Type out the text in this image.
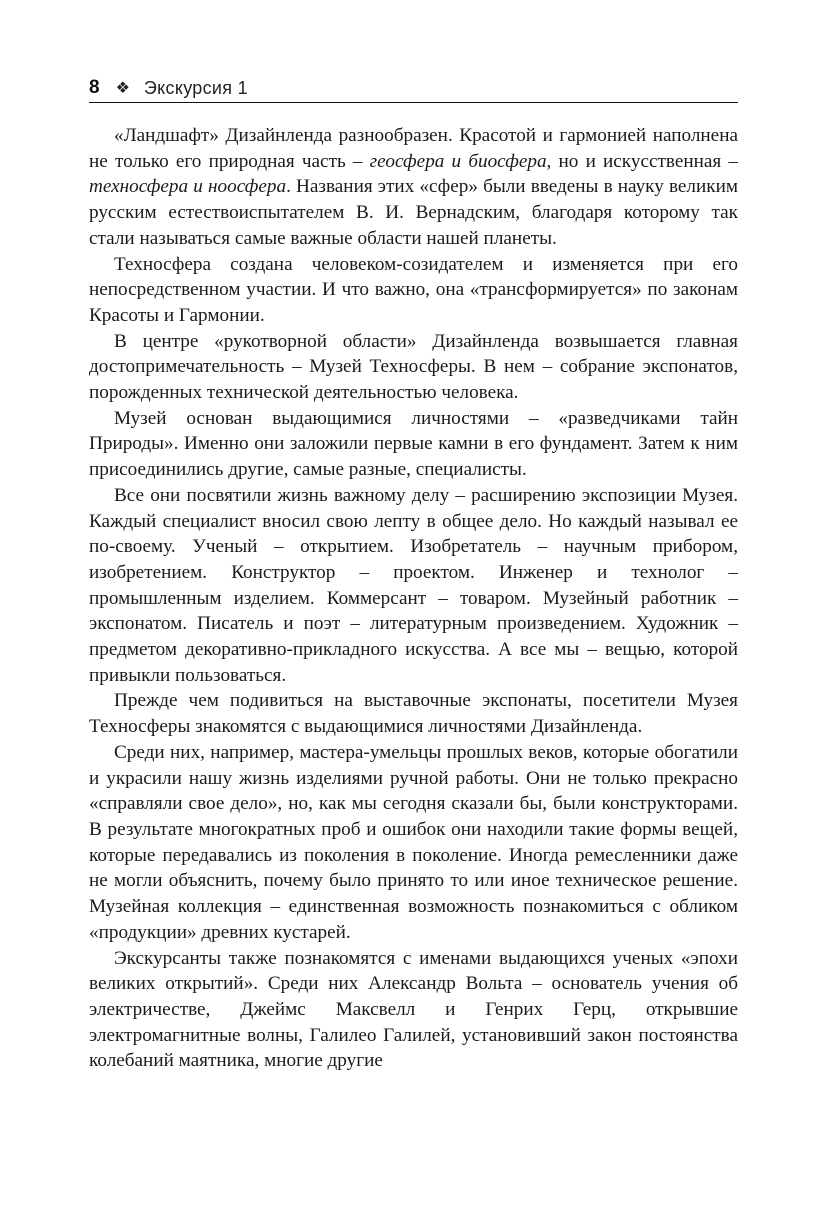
8 ❖ Экскурсия 1

«Ландшафт» Дизайнленда разнообразен. Красотой и гармонией наполнена не только его природная часть – геосфера и биосфера, но и искусственная – техносфера и ноосфера. Названия этих «сфер» были введены в науку великим русским естествоиспытателем В. И. Вернадским, благодаря которому так стали называться самые важные области нашей планеты.

Техносфера создана человеком-созидателем и изменяется при его непосредственном участии. И что важно, она «трансформируется» по законам Красоты и Гармонии.

В центре «рукотворной области» Дизайнленда возвышается главная достопримечательность – Музей Техносферы. В нем – собрание экспонатов, порожденных технической деятельностью человека.

Музей основан выдающимися личностями – «разведчиками тайн Природы». Именно они заложили первые камни в его фундамент. Затем к ним присоединились другие, самые разные, специалисты.

Все они посвятили жизнь важному делу – расширению экспозиции Музея. Каждый специалист вносил свою лепту в общее дело. Но каждый называл ее по-своему. Ученый – открытием. Изобретатель – научным прибором, изобретением. Конструктор – проектом. Инженер и технолог – промышленным изделием. Коммерсант – товаром. Музейный работник – экспонатом. Писатель и поэт – литературным произведением. Художник – предметом декоративно-прикладного искусства. А все мы – вещью, которой привыкли пользоваться.

Прежде чем подивиться на выставочные экспонаты, посетители Музея Техносферы знакомятся с выдающимися личностями Дизайнленда.

Среди них, например, мастера-умельцы прошлых веков, которые обогатили и украсили нашу жизнь изделиями ручной работы. Они не только прекрасно «справляли свое дело», но, как мы сегодня сказали бы, были конструкторами. В результате многократных проб и ошибок они находили такие формы вещей, которые передавались из поколения в поколение. Иногда ремесленники даже не могли объяснить, почему было принято то или иное техническое решение. Музейная коллекция – единственная возможность познакомиться с обликом «продукции» древних кустарей.

Экскурсанты также познакомятся с именами выдающихся ученых «эпохи великих открытий». Среди них Александр Вольта – основатель учения об электричестве, Джеймс Максвелл и Генрих Герц, открывшие электромагнитные волны, Галилео Галилей, установивший закон постоянства колебаний маятника, многие другие
